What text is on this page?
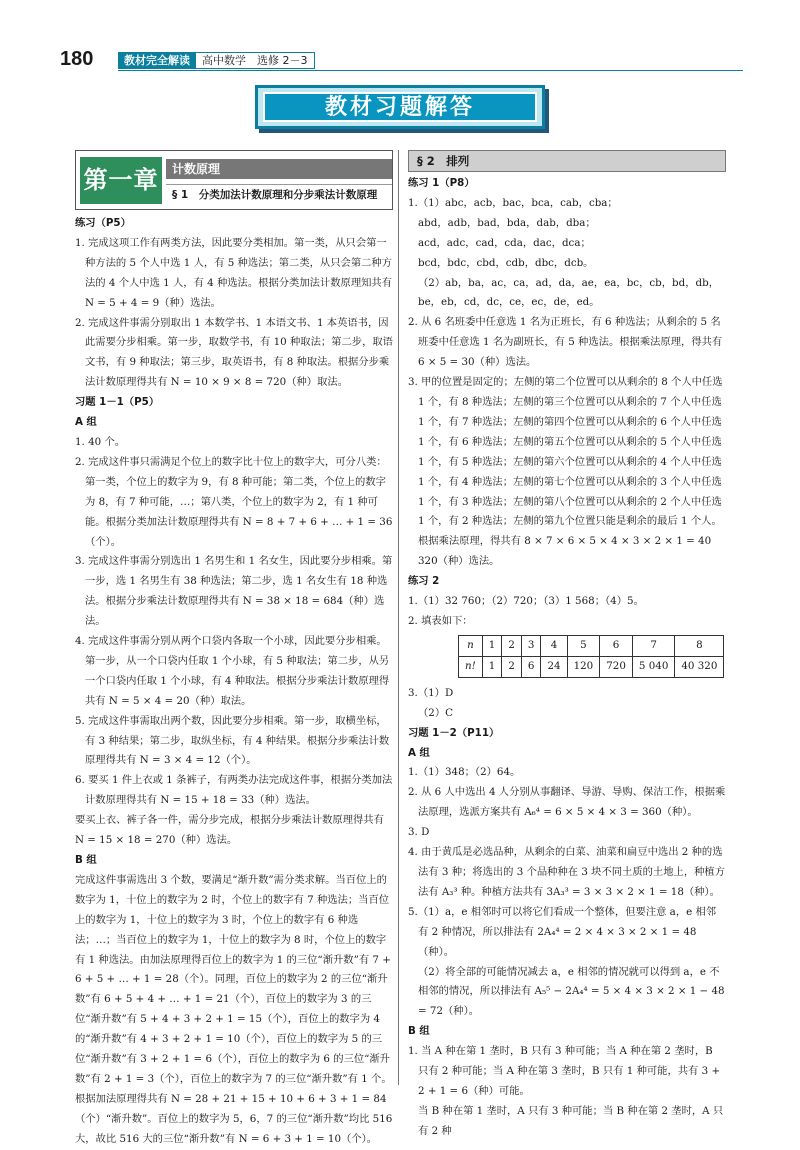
180	教材完全解读	高中数学　选修 2－3
教材习题解答
第一章	计数原理
§ 1　分类加法计数原理和分步乘法计数原理
练习（P5）
1. 完成这项工作有两类方法，因此要分类相加。第一类，从只会第一种方法的 5 个人中选 1 人，有 5 种选法；第二类，从只会第二种方法的 4 个人中选 1 人，有 4 种选法。根据分类加法计数原理知共有 N = 5 + 4 = 9（种）选法。
2. 完成这件事需分别取出 1 本数学书、1 本语文书、1 本英语书，因此需要分步相乘。第一步，取数学书，有 10 种取法；第二步，取语文书，有 9 种取法；第三步，取英语书，有 8 种取法。根据分步乘法计数原理得共有 N = 10 × 9 × 8 = 720（种）取法。
习题 1－1（P5）
A 组
1. 40 个。
2. 完成这件事只需满足个位上的数字比十位上的数字大，可分八类：第一类，个位上的数字为 9，有 8 种可能；第二类，个位上的数字为 8，有 7 种可能，…；第八类，个位上的数字为 2，有 1 种可能。根据分类加法计数原理得共有 N = 8 + 7 + 6 + … + 1 = 36（个）。
3. 完成这件事需分别选出 1 名男生和 1 名女生，因此要分步相乘。第一步，选 1 名男生有 38 种选法；第二步，选 1 名女生有 18 种选法。根据分步乘法计数原理得共有 N = 38 × 18 = 684（种）选法。
4. 完成这件事需分别从两个口袋内各取一个小球，因此要分步相乘。第一步，从一个口袋内任取 1 个小球，有 5 种取法；第二步，从另一个口袋内任取 1 个小球，有 4 种取法。根据分步乘法计数原理得共有 N = 5 × 4 = 20（种）取法。
5. 完成这件事需取出两个数，因此要分步相乘。第一步，取横坐标，有 3 种结果；第二步，取纵坐标，有 4 种结果。根据分步乘法计数原理得共有 N = 3 × 4 = 12（个）。
6. 要买 1 件上衣或 1 条裤子，有两类办法完成这件事，根据分类加法计数原理得共有 N = 15 + 18 = 33（种）选法。
要买上衣、裤子各一件，需分步完成，根据分步乘法计数原理得共有 N = 15 × 18 = 270（种）选法。
B 组
完成这件事需选出 3 个数，要满足“渐升数”需分类求解。当百位上的数字为 1，十位上的数字为 2 时，个位上的数字有 7 种选法；当百位上的数字为 1，十位上的数字为 3 时，个位上的数字有 6 种选法；…；当百位上的数字为 1，十位上的数字为 8 时，个位上的数字有 1 种选法。由加法原理得百位上的数字为 1 的三位“渐升数”有 7 + 6 + 5 + … + 1 = 28（个）。同理，百位上的数字为 2 的三位“渐升数”有 6 + 5 + 4 + … + 1 = 21（个），百位上的数字为 3 的三位“渐升数”有 5 + 4 + 3 + 2 + 1 = 15（个），百位上的数字为 4 的“渐升数”有 4 + 3 + 2 + 1 = 10（个），百位上的数字为 5 的三位“渐升数”有 3 + 2 + 1 = 6（个），百位上的数字为 6 的三位“渐升数”有 2 + 1 = 3（个），百位上的数字为 7 的三位“渐升数”有 1 个。根据加法原理得共有 N = 28 + 21 + 15 + 10 + 6 + 3 + 1 = 84（个）“渐升数”。百位上的数字为 5，6，7 的三位“渐升数”均比 516 大，故比 516 大的三位“渐升数”有 N = 6 + 3 + 1 = 10（个）。
§ 2　排列
练习 1（P8）
1.（1）abc，acb，bac，bca，cab，cba；
abd，adb，bad，bda，dab，dba；
acd，adc，cad，cda，dac，dca；
bcd，bdc，cbd，cdb，dbc，dcb。
（2）ab，ba，ac，ca，ad，da，ae，ea，bc，cb，bd，db，be，eb，cd，dc，ce，ec，de，ed。
2. 从 6 名班委中任意选 1 名为正班长，有 6 种选法；从剩余的 5 名班委中任意选 1 名为副班长，有 5 种选法。根据乘法原理，得共有 6 × 5 = 30（种）选法。
3. 甲的位置是固定的；左侧的第二个位置可以从剩余的 8 个人中任选 1 个，有 8 种选法；左侧的第三个位置可以从剩余的 7 个人中任选 1 个，有 7 种选法；左侧的第四个位置可以从剩余的 6 个人中任选 1 个，有 6 种选法；左侧的第五个位置可以从剩余的 5 个人中任选 1 个，有 5 种选法；左侧的第六个位置可以从剩余的 4 个人中任选 1 个，有 4 种选法；左侧的第七个位置可以从剩余的 3 个人中任选 1 个，有 3 种选法；左侧的第八个位置可以从剩余的 2 个人中任选 1 个，有 2 种选法；左侧的第九个位置只能是剩余的最后 1 个人。根据乘法原理，得共有 8 × 7 × 6 × 5 × 4 × 3 × 2 × 1 = 40 320（种）选法。
练习 2
1.（1）32 760；（2）720；（3）1 568；（4）5。
2. 填表如下：
n	1	2	3	4	5	6	7	8
n!	1	2	6	24	120	720	5 040	40 320
3.（1）D
（2）C
习题 1－2（P11）
A 组
1.（1）348；（2）64。
2. 从 6 人中选出 4 人分别从事翻译、导游、导购、保洁工作，根据乘法原理，选派方案共有 A₆⁴ = 6 × 5 × 4 × 3 = 360（种）。
3. D
4. 由于黄瓜是必选品种，从剩余的白菜、油菜和扁豆中选出 2 种的选法有 3 种；将选出的 3 个品种种在 3 块不同土质的土地上，种植方法有 A₃³ 种。种植方法共有 3A₃³ = 3 × 3 × 2 × 1 = 18（种）。
5.（1）a，e 相邻时可以将它们看成一个整体，但要注意 a，e 相邻有 2 种情况，所以排法有 2A₄⁴ = 2 × 4 × 3 × 2 × 1 = 48（种）。
（2）将全部的可能情况减去 a，e 相邻的情况就可以得到 a，e 不相邻的情况，所以排法有 A₅⁵ − 2A₄⁴ = 5 × 4 × 3 × 2 × 1 − 48 = 72（种）。
B 组
1. 当 A 种在第 1 垄时，B 只有 3 种可能；当 A 种在第 2 垄时，B 只有 2 种可能；当 A 种在第 3 垄时，B 只有 1 种可能，共有 3 + 2 + 1 = 6（种）可能。
当 B 种在第 1 垄时，A 只有 3 种可能；当 B 种在第 2 垄时，A 只有 2 种
